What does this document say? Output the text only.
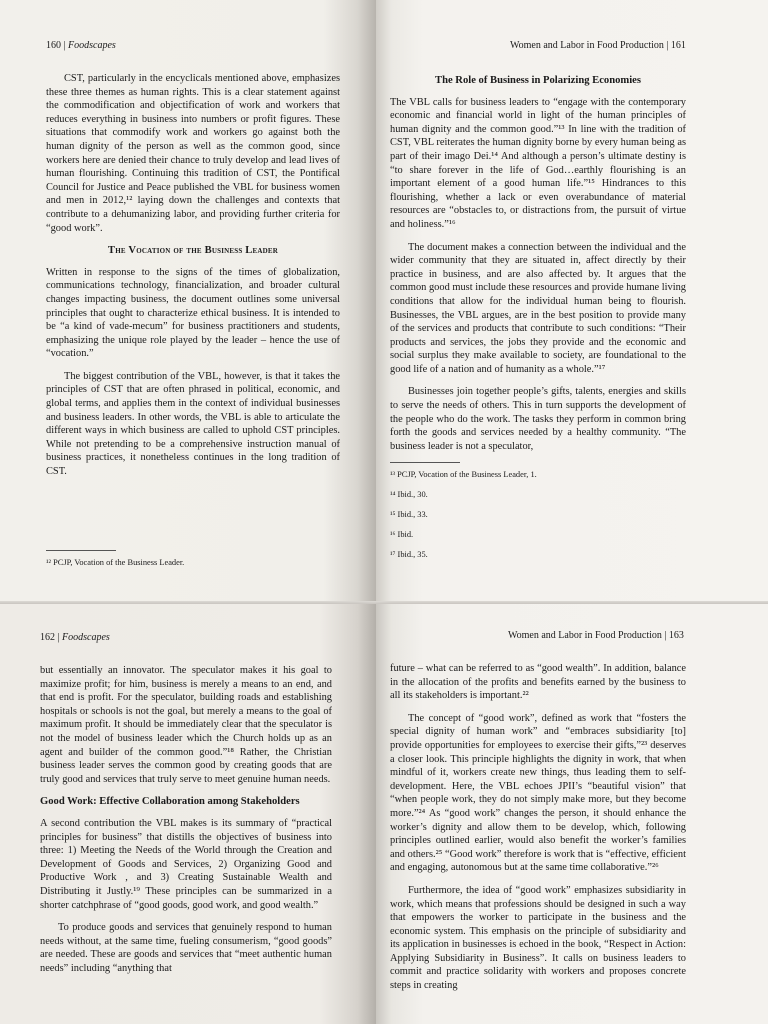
160 | Foodscapes

CST, particularly in the encyclicals mentioned above, emphasizes these three themes as human rights. This is a clear statement against the commodification and objectification of work and workers that reduces everything in business into numbers or profit figures. These situations that commodify work and workers go against both the human dignity of the person as well as the common good, since workers here are denied their chance to truly develop and lead lives of human flourishing. Continuing this tradition of CST, the Pontifical Council for Justice and Peace published the VBL for business women and men in 2012,¹² laying down the challenges and contexts that contribute to a dehumanizing labor, and providing further criteria for “good work”.

The Vocation of the Business Leader

Written in response to the signs of the times of globalization, communications technology, financialization, and broader cultural changes impacting business, the document outlines some universal principles that ought to characterize ethical business. It is intended to be “a kind of vade-mecum” for business practitioners and students, emphasizing the unique role played by the leader – hence the use of “vocation.”

The biggest contribution of the VBL, however, is that it takes the principles of CST that are often phrased in political, economic, and global terms, and applies them in the context of individual businesses and business leaders. In other words, the VBL is able to articulate the different ways in which business are called to uphold CST principles. While not pretending to be a comprehensive instruction manual of business practices, it nonetheless continues in the long tradition of CST.

¹² PCJP, Vocation of the Business Leader.

Women and Labor in Food Production | 161
The Role of Business in Polarizing Economies

The VBL calls for business leaders to “engage with the contemporary economic and financial world in light of the human principles of human dignity and the common good.”¹³ In line with the tradition of CST, VBL reiterates the human dignity borne by every human being as part of their imago Dei.¹⁴ And although a person’s ultimate destiny is “to share forever in the life of God…earthly flourishing is an important element of a good human life.”¹⁵ Hindrances to this flourishing, whether a lack or even overabundance of material resources are “obstacles to, or distractions from, the pursuit of virtue and holiness.”¹⁶

The document makes a connection between the individual and the wider community that they are situated in, affect directly by their practice in business, and are also affected by. It argues that the common good must include these resources and provide humane living conditions that allow for the individual human being to flourish. Businesses, the VBL argues, are in the best position to provide many of the services and products that contribute to such conditions: “Their products and services, the jobs they provide and the economic and social surplus they make available to society, are foundational to the good life of a nation and of humanity as a whole.”¹⁷

Businesses join together people’s gifts, talents, energies and skills to serve the needs of others. This in turn supports the development of the people who do the work. The tasks they perform in common bring forth the goods and services needed by a healthy community. “The business leader is not a speculator,

¹³ PCJP, Vocation of the Business Leader, 1.

¹⁴ Ibid., 30.

¹⁵ Ibid., 33.

¹⁶ Ibid.

¹⁷ Ibid., 35.

162 | Foodscapes

but essentially an innovator. The speculator makes it his goal to maximize profit; for him, business is merely a means to an end, and that end is profit. For the speculator, building roads and establishing hospitals or schools is not the goal, but merely a means to the goal of maximum profit. It should be immediately clear that the speculator is not the model of business leader which the Church holds up as an agent and builder of the common good.”¹⁸ Rather, the Christian business leader serves the common good by creating goods that are truly good and services that truly serve to meet genuine human needs.

Good Work: Effective Collaboration among Stakeholders

A second contribution the VBL makes is its summary of “practical principles for business” that distills the objectives of business into three: 1) Meeting the Needs of the World through the Creation and Development of Goods and Services, 2) Organizing Good and Productive Work , and 3) Creating Sustainable Wealth and Distributing it Justly.¹⁹ These principles can be summarized in a shorter catchphrase of “good goods, good work, and good wealth.”

To produce goods and services that genuinely respond to human needs without, at the same time, fueling consumerism, “good goods” are needed. These are goods and services that “meet authentic human needs” including “anything that

Women and Labor in Food Production | 163

future – what can be referred to as “good wealth”. In addition, balance in the allocation of the profits and benefits earned by the business to all its stakeholders is important.²²

The concept of “good work”, defined as work that “fosters the special dignity of human work” and “embraces subsidiarity [to] provide opportunities for employees to exercise their gifts,”²³ deserves a closer look. This principle highlights the dignity in work, that when mindful of it, workers create new things, thus leading them to self-development. Here, the VBL echoes JPII’s “beautiful vision” that “when people work, they do not simply make more, but they become more.”²⁴ As “good work” changes the person, it should enhance the worker’s dignity and allow them to be develop, which, following principles outlined earlier, would also benefit the worker’s families and others.²⁵ “Good work” therefore is work that is “effective, efficient and engaging, autonomous but at the same time collaborative.”²⁶

Furthermore, the idea of “good work” emphasizes subsidiarity in work, which means that professions should be designed in such a way that empowers the worker to participate in the business and the economic system. This emphasis on the principle of subsidiarity and its application in businesses is echoed in the book, “Respect in Action: Applying Subsidiarity in Business”. It calls on business leaders to commit and practice solidarity with workers and proposes concrete steps in creating
